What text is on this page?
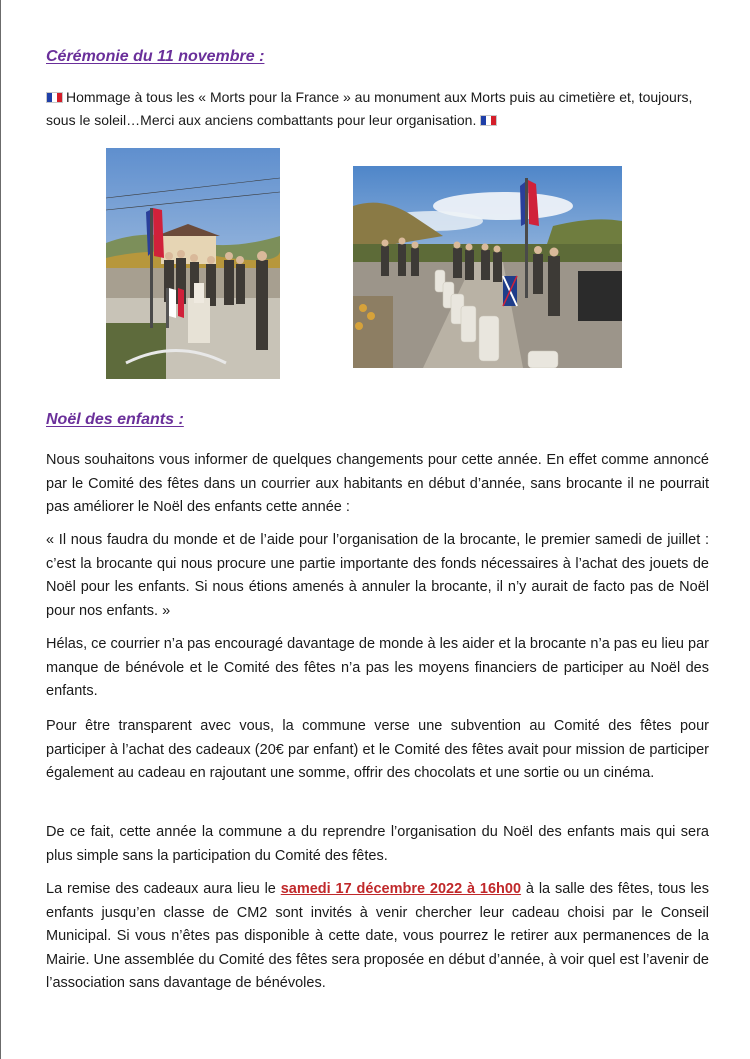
Cérémonie du 11 novembre :

Hommage à tous les « Morts pour la France » au monument aux Morts puis au cimetière et, toujours, sous le soleil…Merci aux anciens combattants pour leur organisation.

Noël des enfants :

Nous souhaitons vous informer de quelques changements pour cette année. En effet comme annoncé par le Comité des fêtes dans un courrier aux habitants en début d’année, sans brocante il ne pourrait pas améliorer le Noël des enfants cette année :

« Il nous faudra du monde et de l’aide pour l’organisation de la brocante, le premier samedi de juillet : c’est la brocante qui nous procure une partie importante des fonds nécessaires à l’achat des jouets de Noël pour les enfants. Si nous étions amenés à annuler la brocante, il n’y aurait de facto pas de Noël pour nos enfants. »

Hélas, ce courrier n’a pas encouragé davantage de monde à les aider et la brocante n’a pas eu lieu par manque de bénévole et le Comité des fêtes n’a pas les moyens financiers de participer au Noël des enfants.

Pour être transparent avec vous, la commune verse une subvention au Comité des fêtes pour participer à l’achat des cadeaux (20€ par enfant) et le Comité des fêtes avait pour mission de participer également au cadeau en rajoutant une somme, offrir des chocolats et une sortie ou un cinéma.

De ce fait, cette année la commune a du reprendre l’organisation du Noël des enfants mais qui sera plus simple sans la participation du Comité des fêtes.

La remise des cadeaux aura lieu le samedi 17 décembre 2022 à 16h00 à la salle des fêtes, tous les enfants jusqu’en classe de CM2 sont invités à venir chercher leur cadeau choisi par le Conseil Municipal. Si vous n’êtes pas disponible à cette date, vous pourrez le retirer aux permanences de la Mairie. Une assemblée du Comité des fêtes sera proposée en début d’année, à voir quel est l’avenir de l’association sans davantage de bénévoles.
